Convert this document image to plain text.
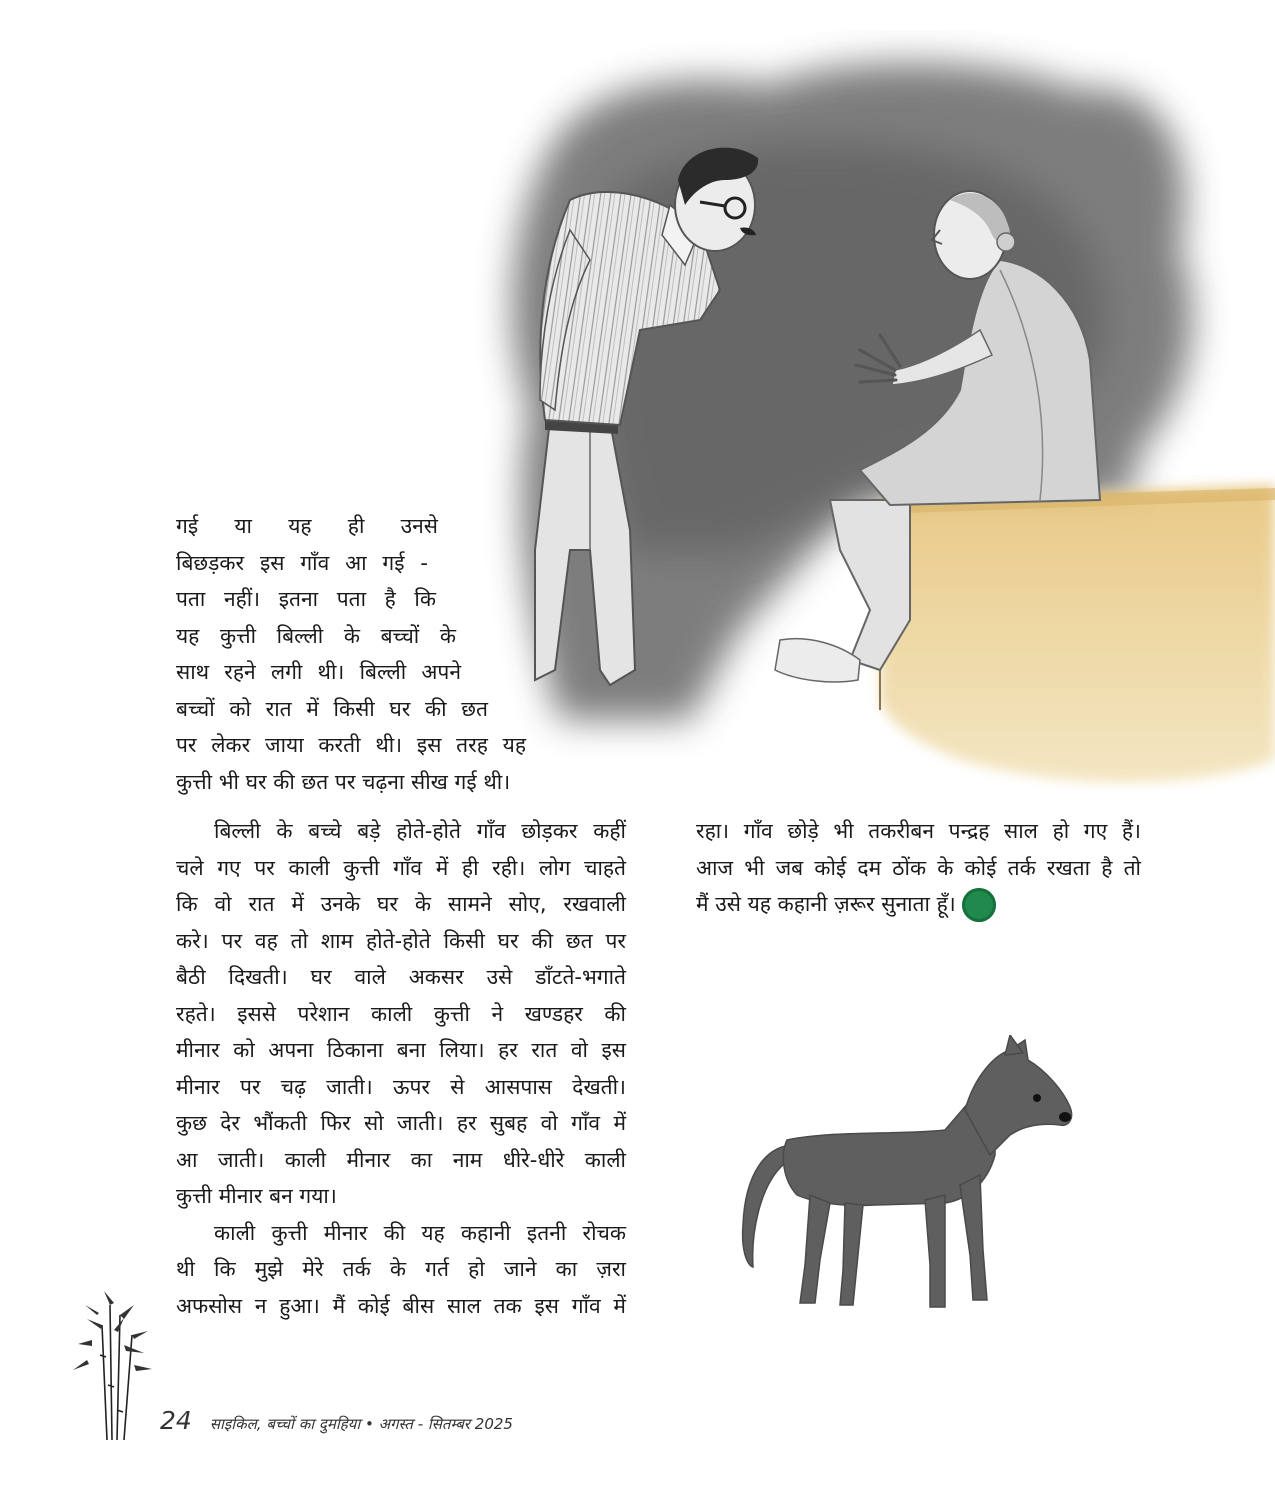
गई या यह ही उनसे
बिछड़कर इस गाँव आ गई -
पता नहीं। इतना पता है कि
यह कुत्ती बिल्ली के बच्चों के
साथ रहने लगी थी। बिल्ली अपने
बच्चों को रात में किसी घर की छत
पर लेकर जाया करती थी। इस तरह यह
कुत्ती भी घर की छत पर चढ़ना सीख गई थी।
बिल्ली के बच्चे बड़े होते-होते गाँव छोड़कर कहीं
चले गए पर काली कुत्ती गाँव में ही रही। लोग चाहते
कि वो रात में उनके घर के सामने सोए, रखवाली
करे। पर वह तो शाम होते-होते किसी घर की छत पर
बैठी दिखती। घर वाले अकसर उसे डाँटते-भगाते
रहते। इससे परेशान काली कुत्ती ने खण्डहर की
मीनार को अपना ठिकाना बना लिया। हर रात वो इस
मीनार पर चढ़ जाती। ऊपर से आसपास देखती।
कुछ देर भौंकती फिर सो जाती। हर सुबह वो गाँव में
आ जाती। काली मीनार का नाम धीरे-धीरे काली
कुत्ती मीनार बन गया।
काली कुत्ती मीनार की यह कहानी इतनी रोचक
थी कि मुझे मेरे तर्क के गर्त हो जाने का ज़रा
अफसोस न हुआ। मैं कोई बीस साल तक इस गाँव में
रहा। गाँव छोड़े भी तकरीबन पन्द्रह साल हो गए हैं।
आज भी जब कोई दम ठोंक के कोई तर्क रखता है तो
मैं उसे यह कहानी ज़रूर सुनाता हूँ।
24 साइकिल, बच्चों का दुमहिया • अगस्त - सितम्बर 2025
